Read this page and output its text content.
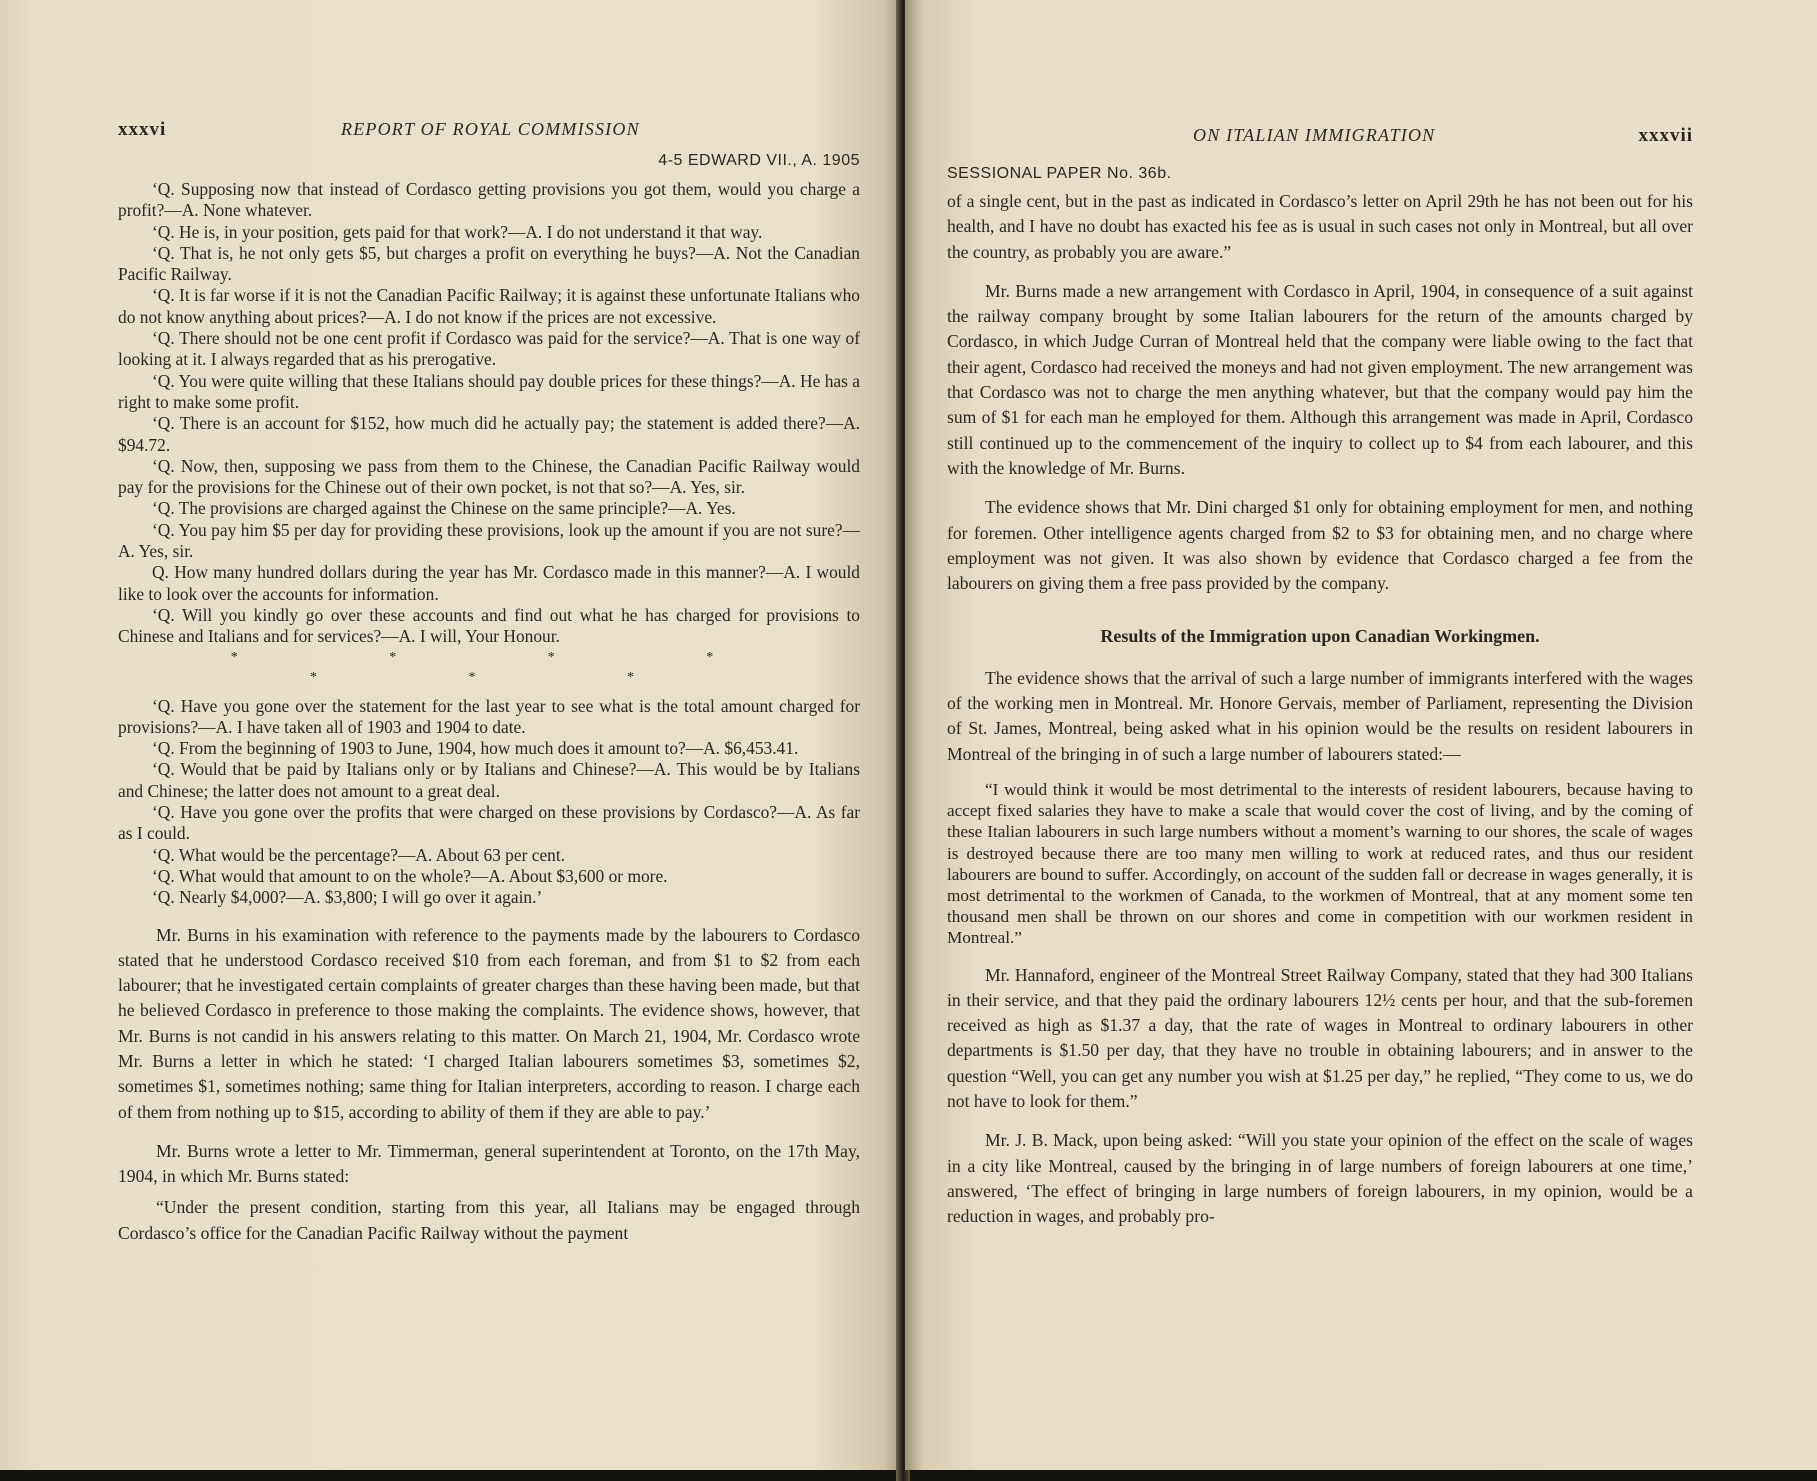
xxxvi	REPORT OF ROYAL COMMISSION
4-5 EDWARD VII., A. 1905

‘Q. Supposing now that instead of Cordasco getting provisions you got them, would you charge a profit?—A. None whatever.

‘Q. He is, in your position, gets paid for that work?—A. I do not understand it that way.

‘Q. That is, he not only gets $5, but charges a profit on everything he buys?—A. Not the Canadian Pacific Railway.

‘Q. It is far worse if it is not the Canadian Pacific Railway; it is against these unfortunate Italians who do not know anything about prices?—A. I do not know if the prices are not excessive.

‘Q. There should not be one cent profit if Cordasco was paid for the service?—A. That is one way of looking at it. I always regarded that as his prerogative.

‘Q. You were quite willing that these Italians should pay double prices for these things?—A. He has a right to make some profit.

‘Q. There is an account for $152, how much did he actually pay; the statement is added there?—A. $94.72.

‘Q. Now, then, supposing we pass from them to the Chinese, the Canadian Pacific Railway would pay for the provisions for the Chinese out of their own pocket, is not that so?—A. Yes, sir.

‘Q. The provisions are charged against the Chinese on the same principle?—A. Yes.

‘Q. You pay him $5 per day for providing these provisions, look up the amount if you are not sure?—A. Yes, sir.

Q. How many hundred dollars during the year has Mr. Cordasco made in this manner?—A. I would like to look over the accounts for information.

‘Q. Will you kindly go over these accounts and find out what he has charged for provisions to Chinese and Italians and for services?—A. I will, Your Honour.

* * * * * * *

‘Q. Have you gone over the statement for the last year to see what is the total amount charged for provisions?—A. I have taken all of 1903 and 1904 to date.

‘Q. From the beginning of 1903 to June, 1904, how much does it amount to?—A. $6,453.41.

‘Q. Would that be paid by Italians only or by Italians and Chinese?—A. This would be by Italians and Chinese; the latter does not amount to a great deal.

‘Q. Have you gone over the profits that were charged on these provisions by Cordasco?—A. As far as I could.

‘Q. What would be the percentage?—A. About 63 per cent.

‘Q. What would that amount to on the whole?—A. About $3,600 or more.

‘Q. Nearly $4,000?—A. $3,800; I will go over it again.’

Mr. Burns in his examination with reference to the payments made by the labourers to Cordasco stated that he understood Cordasco received $10 from each foreman, and from $1 to $2 from each labourer; that he investigated certain complaints of greater charges than these having been made, but that he believed Cordasco in preference to those making the complaints. The evidence shows, however, that Mr. Burns is not candid in his answers relating to this matter. On March 21, 1904, Mr. Cordasco wrote Mr. Burns a letter in which he stated: ‘I charged Italian labourers sometimes $3, sometimes $2, sometimes $1, sometimes nothing; same thing for Italian interpreters, according to reason. I charge each of them from nothing up to $15, according to ability of them if they are able to pay.’

Mr. Burns wrote a letter to Mr. Timmerman, general superintendent at Toronto, on the 17th May, 1904, in which Mr. Burns stated:

“Under the present condition, starting from this year, all Italians may be engaged through Cordasco’s office for the Canadian Pacific Railway without the payment

ON ITALIAN IMMIGRATION	xxxvii
SESSIONAL PAPER No. 36b.

of a single cent, but in the past as indicated in Cordasco’s letter on April 29th he has not been out for his health, and I have no doubt has exacted his fee as is usual in such cases not only in Montreal, but all over the country, as probably you are aware.”

Mr. Burns made a new arrangement with Cordasco in April, 1904, in consequence of a suit against the railway company brought by some Italian labourers for the return of the amounts charged by Cordasco, in which Judge Curran of Montreal held that the company were liable owing to the fact that their agent, Cordasco had received the moneys and had not given employment. The new arrangement was that Cordasco was not to charge the men anything whatever, but that the company would pay him the sum of $1 for each man he employed for them. Although this arrangement was made in April, Cordasco still continued up to the commencement of the inquiry to collect up to $4 from each labourer, and this with the knowledge of Mr. Burns.

The evidence shows that Mr. Dini charged $1 only for obtaining employment for men, and nothing for foremen. Other intelligence agents charged from $2 to $3 for obtaining men, and no charge where employment was not given. It was also shown by evidence that Cordasco charged a fee from the labourers on giving them a free pass provided by the company.

Results of the Immigration upon Canadian Workingmen.

The evidence shows that the arrival of such a large number of immigrants interfered with the wages of the working men in Montreal. Mr. Honore Gervais, member of Parliament, representing the Division of St. James, Montreal, being asked what in his opinion would be the results on resident labourers in Montreal of the bringing in of such a large number of labourers stated:—

“I would think it would be most detrimental to the interests of resident labourers, because having to accept fixed salaries they have to make a scale that would cover the cost of living, and by the coming of these Italian labourers in such large numbers without a moment’s warning to our shores, the scale of wages is destroyed because there are too many men willing to work at reduced rates, and thus our resident labourers are bound to suffer. Accordingly, on account of the sudden fall or decrease in wages generally, it is most detrimental to the workmen of Canada, to the workmen of Montreal, that at any moment some ten thousand men shall be thrown on our shores and come in competition with our workmen resident in Montreal.”

Mr. Hannaford, engineer of the Montreal Street Railway Company, stated that they had 300 Italians in their service, and that they paid the ordinary labourers 12½ cents per hour, and that the sub-foremen received as high as $1.37 a day, that the rate of wages in Montreal to ordinary labourers in other departments is $1.50 per day, that they have no trouble in obtaining labourers; and in answer to the question “Well, you can get any number you wish at $1.25 per day,” he replied, “They come to us, we do not have to look for them.”

Mr. J. B. Mack, upon being asked: “Will you state your opinion of the effect on the scale of wages in a city like Montreal, caused by the bringing in of large numbers of foreign labourers at one time,’ answered, ‘The effect of bringing in large numbers of foreign labourers, in my opinion, would be a reduction in wages, and probably pro-
